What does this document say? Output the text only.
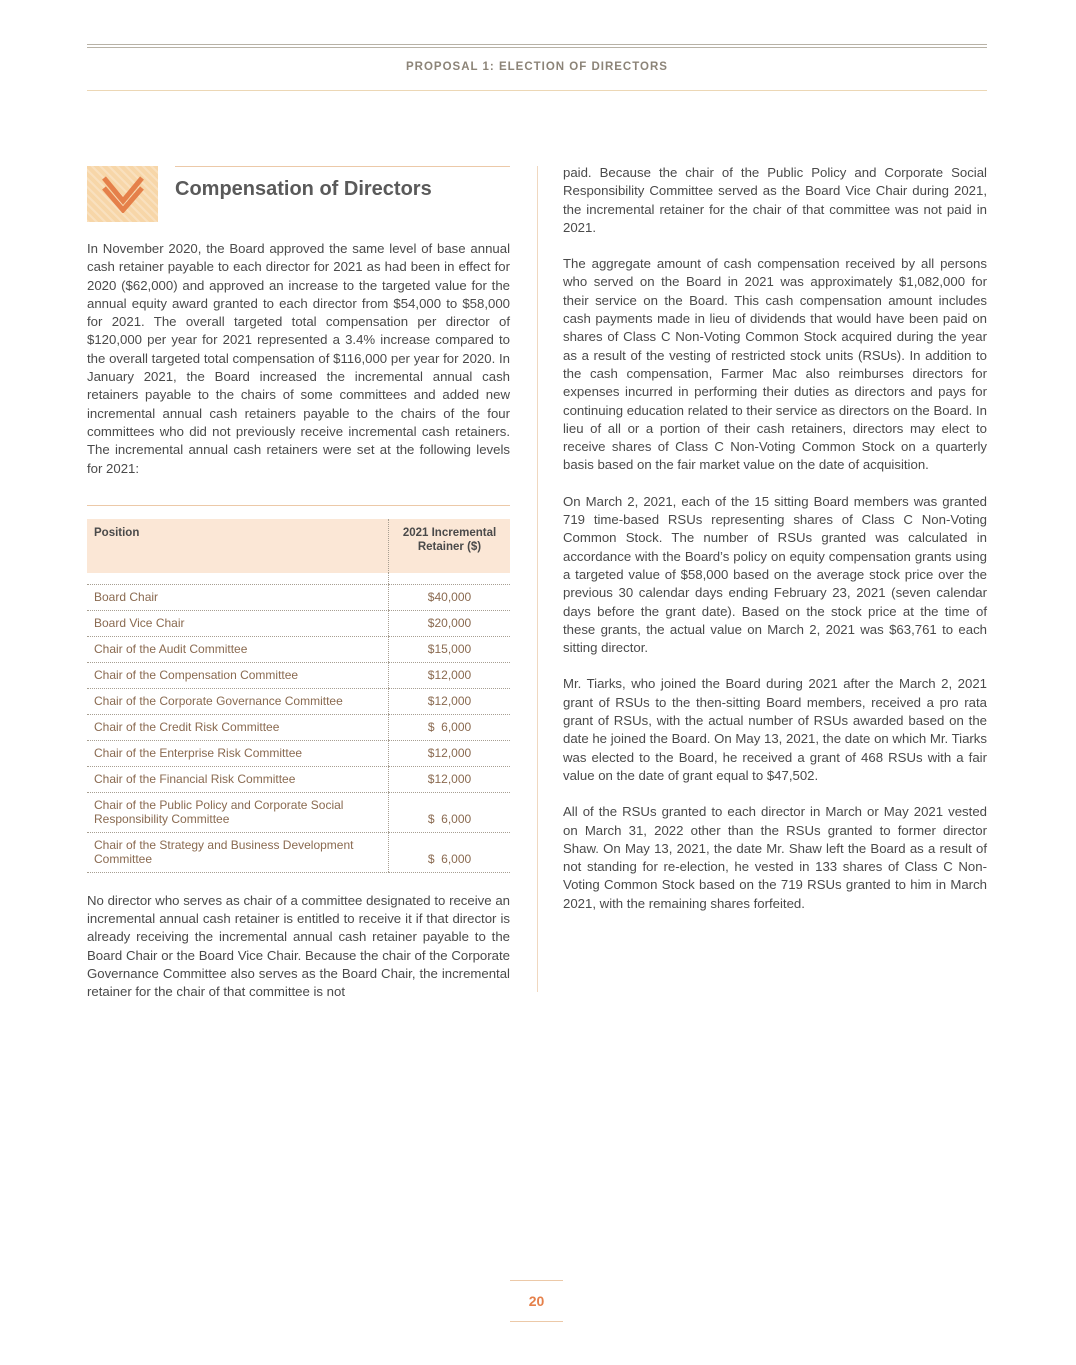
PROPOSAL 1: ELECTION OF DIRECTORS
Compensation of Directors

In November 2020, the Board approved the same level of base annual cash retainer payable to each director for 2021 as had been in effect for 2020 ($62,000) and approved an increase to the targeted value for the annual equity award granted to each director from $54,000 to $58,000 for 2021. The overall targeted total compensation per director of $120,000 per year for 2021 represented a 3.4% increase compared to the overall targeted total compensation of $116,000 per year for 2020. In January 2021, the Board increased the incremental annual cash retainers payable to the chairs of some committees and added new incremental annual cash retainers payable to the chairs of the four committees who did not previously receive incremental cash retainers. The incremental annual cash retainers were set at the following levels for 2021:

Position	2021 Incremental Retainer ($)

Board Chair	$40,000
Board Vice Chair	$20,000
Chair of the Audit Committee	$15,000
Chair of the Compensation Committee	$12,000
Chair of the Corporate Governance Committee	$12,000
Chair of the Credit Risk Committee	$  6,000
Chair of the Enterprise Risk Committee	$12,000
Chair of the Financial Risk Committee	$12,000
Chair of the Public Policy and Corporate Social Responsibility Committee	$  6,000
Chair of the Strategy and Business Development Committee	$  6,000

No director who serves as chair of a committee designated to receive an incremental annual cash retainer is entitled to receive it if that director is already receiving the incremental annual cash retainer payable to the Board Chair or the Board Vice Chair. Because the chair of the Corporate Governance Committee also serves as the Board Chair, the incremental retainer for the chair of that committee is not

paid. Because the chair of the Public Policy and Corporate Social Responsibility Committee served as the Board Vice Chair during 2021, the incremental retainer for the chair of that committee was not paid in 2021.

The aggregate amount of cash compensation received by all persons who served on the Board in 2021 was approximately $1,082,000 for their service on the Board. This cash compensation amount includes cash payments made in lieu of dividends that would have been paid on shares of Class C Non-Voting Common Stock acquired during the year as a result of the vesting of restricted stock units (RSUs). In addition to the cash compensation, Farmer Mac also reimburses directors for expenses incurred in performing their duties as directors and pays for continuing education related to their service as directors on the Board. In lieu of all or a portion of their cash retainers, directors may elect to receive shares of Class C Non-Voting Common Stock on a quarterly basis based on the fair market value on the date of acquisition.

On March 2, 2021, each of the 15 sitting Board members was granted 719 time-based RSUs representing shares of Class C Non-Voting Common Stock. The number of RSUs granted was calculated in accordance with the Board’s policy on equity compensation grants using a targeted value of $58,000 based on the average stock price over the previous 30 calendar days ending February 23, 2021 (seven calendar days before the grant date). Based on the stock price at the time of these grants, the actual value on March 2, 2021 was $63,761 to each sitting director.

Mr. Tiarks, who joined the Board during 2021 after the March 2, 2021 grant of RSUs to the then-sitting Board members, received a pro rata grant of RSUs, with the actual number of RSUs awarded based on the date he joined the Board. On May 13, 2021, the date on which Mr. Tiarks was elected to the Board, he received a grant of 468 RSUs with a fair value on the date of grant equal to $47,502.

All of the RSUs granted to each director in March or May 2021 vested on March 31, 2022 other than the RSUs granted to former director Shaw. On May 13, 2021, the date Mr. Shaw left the Board as a result of not standing for re-election, he vested in 133 shares of Class C Non-Voting Common Stock based on the 719 RSUs granted to him in March 2021, with the remaining shares forfeited.

20
